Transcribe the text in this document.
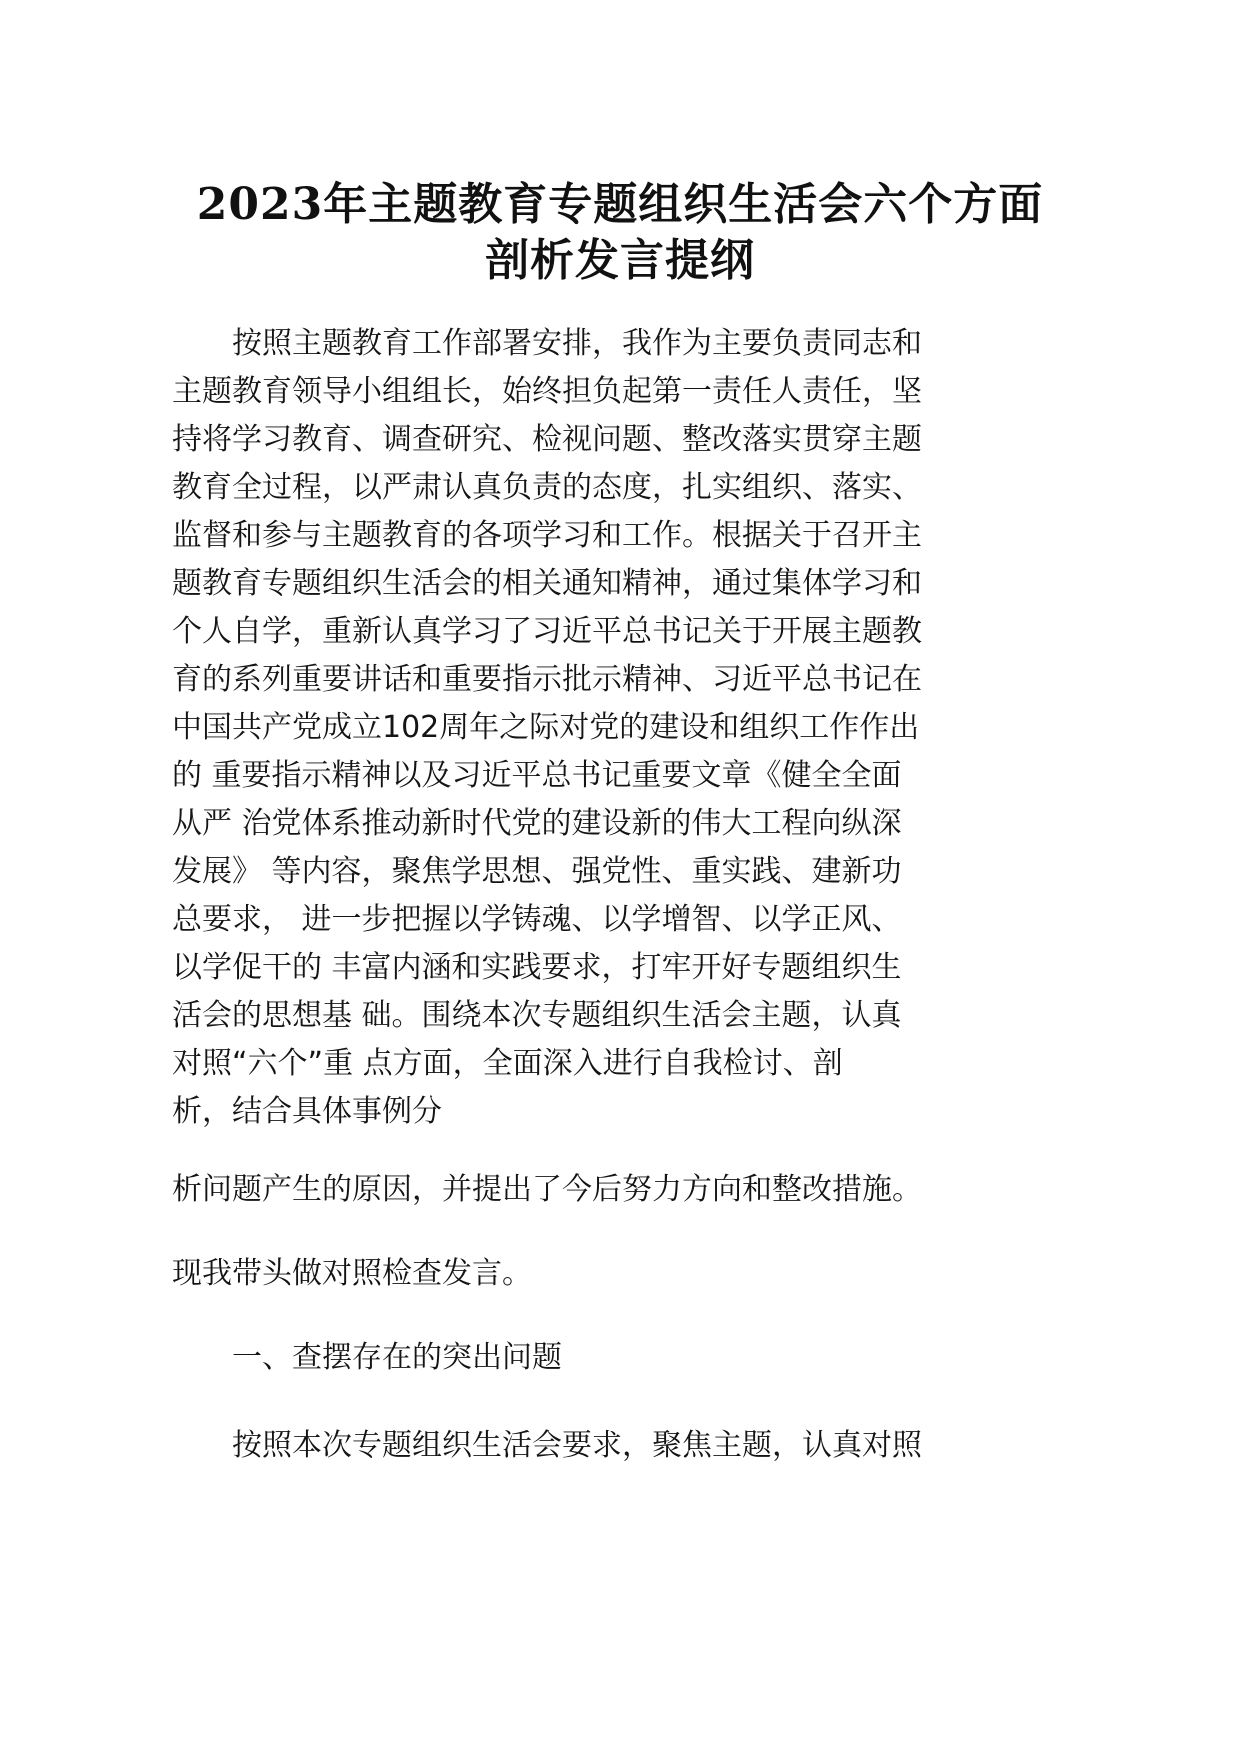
2023年主题教育专题组织生活会六个方面
剖析发言提纲
按照主题教育工作部署安排，我作为主要负责同志和
主题教育领导小组组长，始终担负起第一责任人责任，坚
持将学习教育、调查研究、检视问题、整改落实贯穿主题
教育全过程，以严肃认真负责的态度，扎实组织、落实、
监督和参与主题教育的各项学习和工作。根据关于召开主
题教育专题组织生活会的相关通知精神，通过集体学习和
个人自学，重新认真学习了习近平总书记关于开展主题教
育的系列重要讲话和重要指示批示精神、习近平总书记在
中国共产党成立102周年之际对党的建设和组织工作作出
的 重要指示精神以及习近平总书记重要文章《健全全面
从严 治党体系推动新时代党的建设新的伟大工程向纵深
发展》 等内容，聚焦学思想、强党性、重实践、建新功
总要求， 进一步把握以学铸魂、以学增智、以学正风、
以学促干的 丰富内涵和实践要求，打牢开好专题组织生
活会的思想基 础。围绕本次专题组织生活会主题，认真
对照“六个”重 点方面，全面深入进行自我检讨、剖
析，结合具体事例分
析问题产生的原因，并提出了今后努力方向和整改措施。
现我带头做对照检查发言。
一、查摆存在的突出问题
按照本次专题组织生活会要求，聚焦主题，认真对照
